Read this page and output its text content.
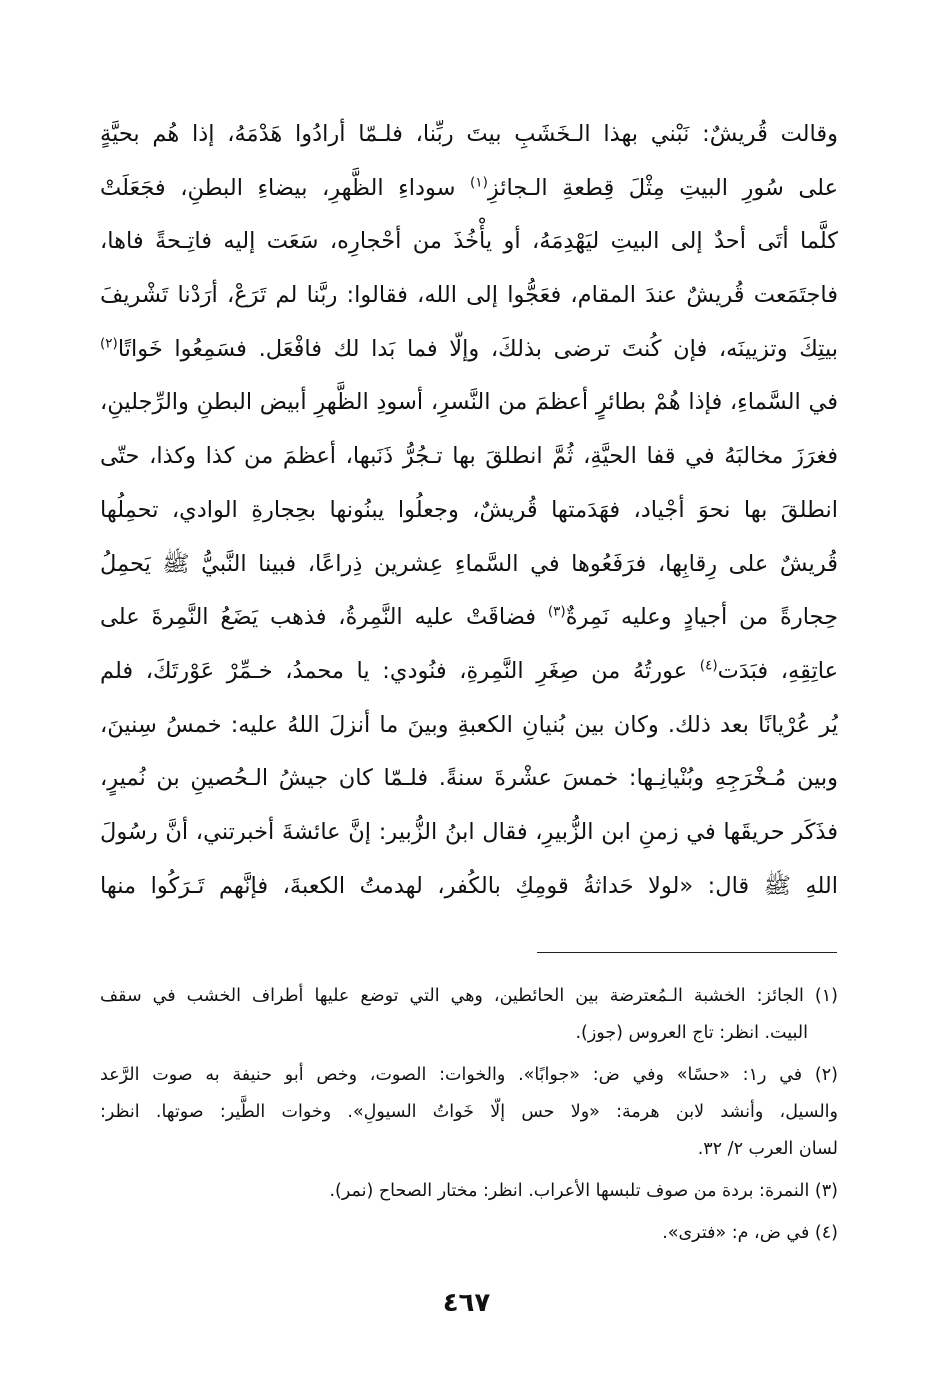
وقالت قُريشٌ: نَبْني بهذا الـخَشَبِ بيتَ ربِّنا، فلـمّا أرادُوا هَدْمَهُ، إذا هُم بحيَّةٍ
على سُورِ البيتِ مِثْلَ قِطعةِ الـجائزِ$^{(١)}$ سوداءِ الظَّهرِ، بيضاءِ البطنِ، فجَعَلَتْ
كلَّما أتَى أحدٌ إلى البيتِ ليَهْدِمَهُ، أو يأْخُذَ من أحْجارِه، سَعَت إليه فاتِـحةً فاها،
فاجتَمَعت قُريشٌ عندَ المقام، فعَجُّوا إلى الله، فقالوا: ربَّنا لم تَرَعْ، أرَدْنا تَشْريفَ
بيتِكَ وتزيينَه، فإن كُنتَ ترضى بذلكَ، وإلّا فما بَدا لك فافْعَل. فسَمِعُوا خَواتًا$^{(٢)}$
في السَّماءِ، فإذا هُمْ بطائرٍ أعظمَ من النَّسرِ، أسودِ الظَّهرِ أبيض البطنِ والرِّجلينِ،
فغرَزَ مخالبَهُ في قفا الحيَّةِ، ثُمَّ انطلقَ بها تـجُرُّ ذَنَبها، أعظمَ من كذا وكذا، حتّى
انطلقَ بها نحوَ أجْياد، فهَدَمتها قُريشٌ، وجعلُوا يبنُونها بحِجارةِ الوادي، تحمِلُها
قُريشٌ على رِقابِها، فرَفَعُوها في السَّماءِ عِشرين ذِراعًا، فبينا النَّبيُّ ﷺ يَحمِلُ
حِجارةً من أجيادٍ وعليه نَمِرةٌ$^{(٣)}$ فضاقَتْ عليه النَّمِرةُ، فذهب يَضَعُ النَّمِرةَ على
عاتِقِهِ، فبَدَت$^{(٤)}$ عورتُهُ من صِغَرِ النَّمِرةِ، فنُودي: يا محمدُ، خـمِّرْ عَوْرتَكَ، فلم
يُر عُرْيانًا بعد ذلك. وكان بين بُنيانِ الكعبةِ وبينَ ما أنزلَ اللهُ عليه: خمسُ سِنينَ،
وبين مُـخْرَجِهِ وبُنْيانِـها: خمسَ عشْرةَ سنةً. فلـمّا كان جيشُ الـحُصينِ بن نُميرٍ،
فذَكَر حريقَها في زمنِ ابن الزُّبيرِ، فقال ابنُ الزُّبير: إنَّ عائشةَ أخبرتني، أنَّ رسُولَ
اللهِ ﷺ قال: «لولا حَداثةُ قومِكِ بالكُفر، لهدمتُ الكعبةَ، فإنَّهم تَـرَكُوا منها
(١) الجائز: الخشبة الـمُعترضة بين الحائطين، وهي التي توضع عليها أطراف الخشب في سقف
البيت. انظر: تاج العروس (جوز).
(٢) في ر١: «حسًا» وفي ض: «جوابًا». والخوات: الصوت، وخص أبو حنيفة به صوت الرَّعد
والسيل، وأنشد لابن هرمة: «ولا حس إلّا خَواتُ السيولِ». وخوات الطَّير: صوتها. انظر:
لسان العرب ٢/ ٣٢.
(٣) النمرة: بردة من صوف تلبسها الأعراب. انظر: مختار الصحاح (نمر).
(٤) في ض، م: «فترى».
٤٦٧
